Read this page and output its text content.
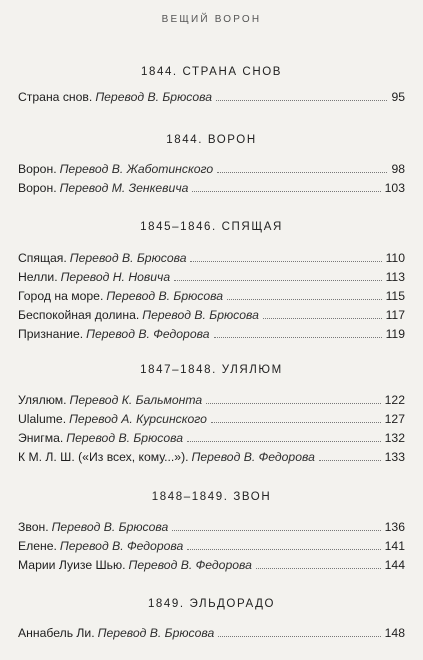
ВЕЩИЙ ВОРОН
1844. СТРАНА СНОВ
Страна снов. Перевод В. Брюсова	95
1844. ВОРОН
Ворон. Перевод В. Жаботинского	98
Ворон. Перевод М. Зенкевича	103
1845–1846. СПЯЩАЯ
Спящая. Перевод В. Брюсова	110
Нелли. Перевод Н. Новича	113
Город на море. Перевод В. Брюсова	115
Беспокойная долина. Перевод В. Брюсова	117
Признание. Перевод В. Федорова	119
1847–1848. УЛЯЛЮМ
Улялюм. Перевод К. Бальмонта	122
Ulalume. Перевод А. Курсинского	127
Энигма. Перевод В. Брюсова	132
К М. Л. Ш. («Из всех, кому...»). Перевод В. Федорова	133
1848–1849. ЗВОН
Звон. Перевод В. Брюсова	136
Елене. Перевод В. Федорова	141
Марии Луизе Шью. Перевод В. Федорова	144
1849. ЭЛЬДОРАДО
Аннабель Ли. Перевод В. Брюсова	148
